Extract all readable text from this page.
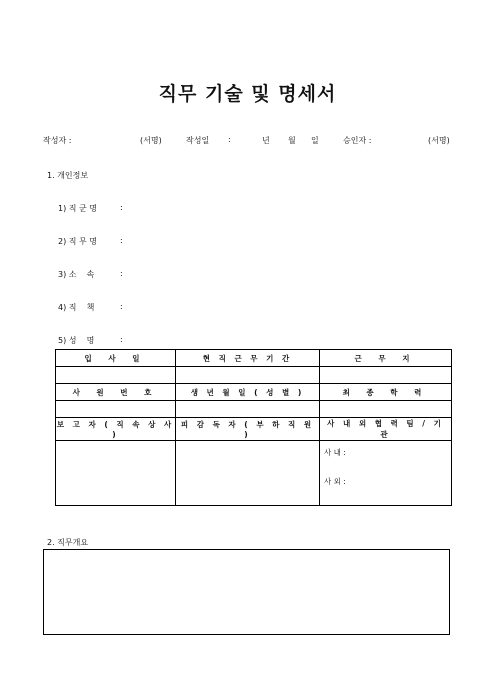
직무 기술 및 명세서
작성자 :	(서명)	작성일 :	년 월 일	승인자 :	(서명)
1. 개인정보
1) 직 군 명	:
2) 직 무 명	:
3) 소    속	:
4) 직    책	:
5) 성    명	:
입 사 일	현 직 근 무 기 간	근 무 지

사 원 번 호	생 년 월 일 ( 성 별 )	최 종 학 력

보 고 자 ( 직 속 상 사 )	피 감 독 자 ( 부 하 직 원 )	사 내 외 협 력 팀 / 기 관

		사 내 :
사 외 :
2. 직무개요
